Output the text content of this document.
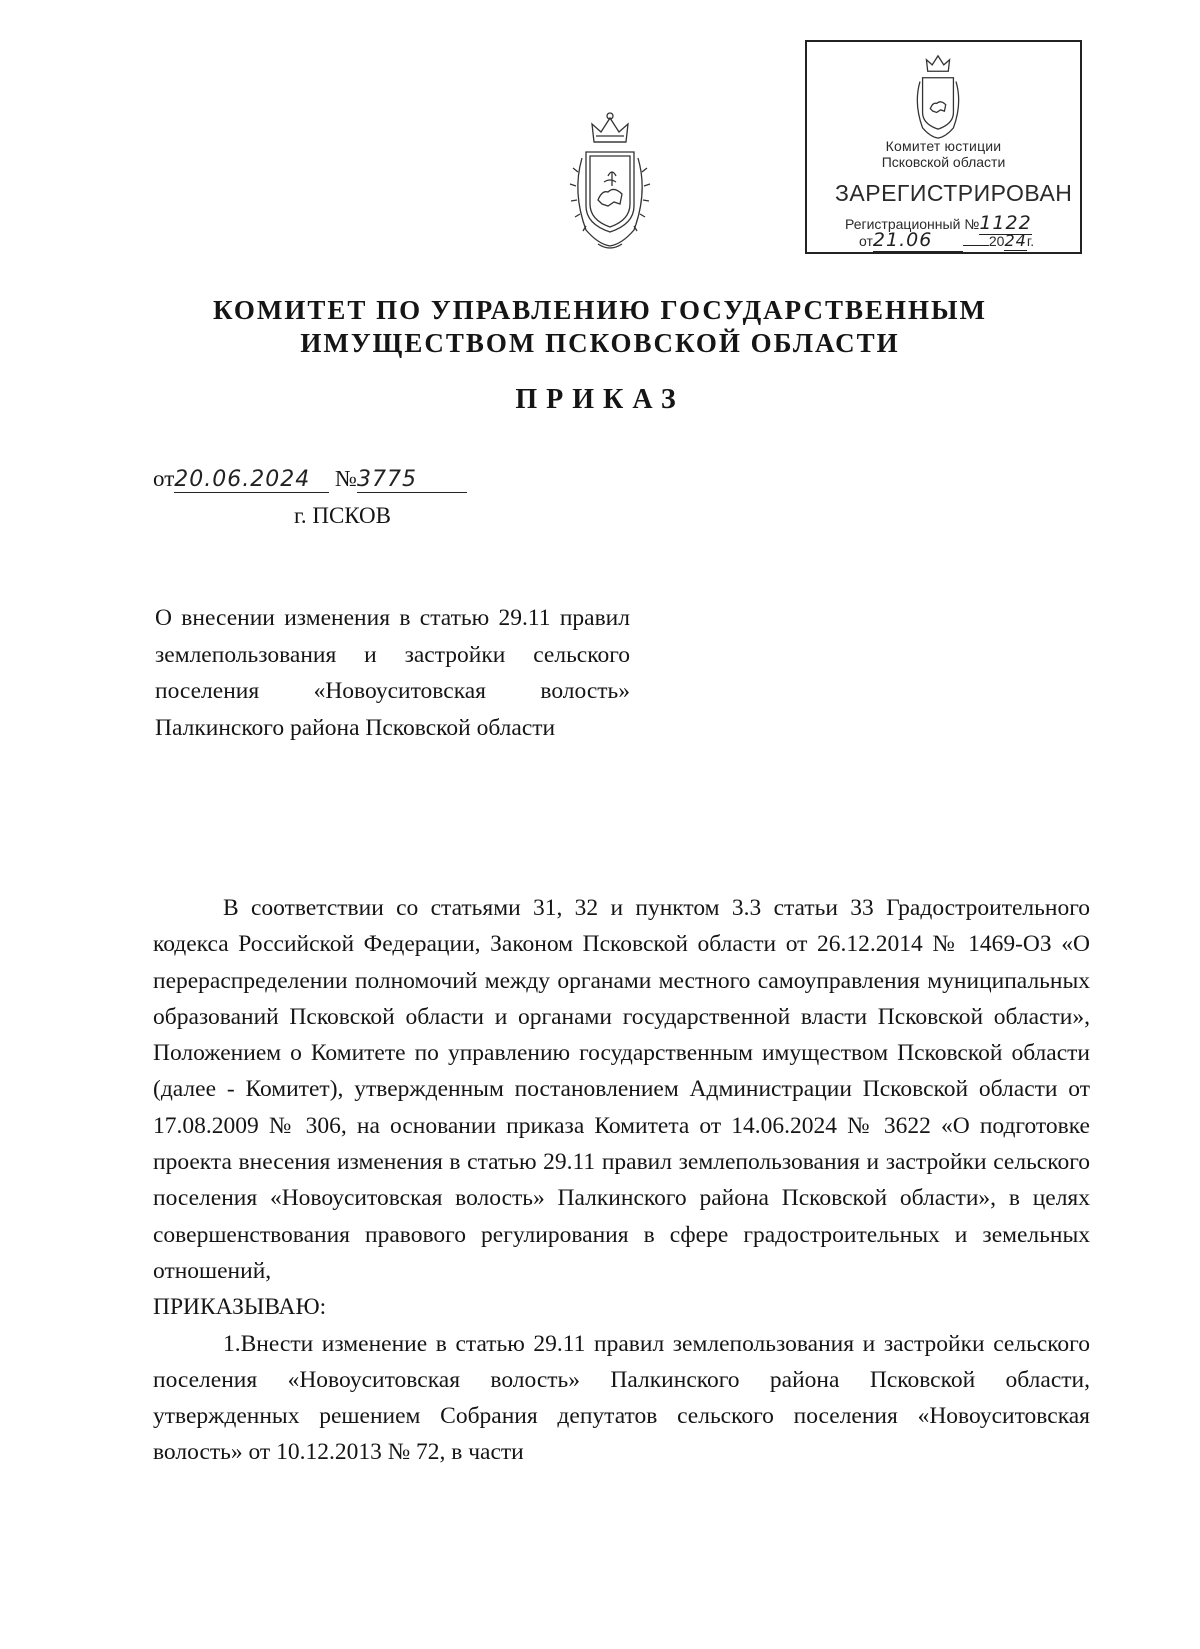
Комитет юстиции
Псковской области
ЗАРЕГИСТРИРОВАН
Регистрационный №1122
от21.06	2024г.
КОМИТЕТ ПО УПРАВЛЕНИЮ ГОСУДАРСТВЕННЫМ ИМУЩЕСТВОМ ПСКОВСКОЙ ОБЛАСТИ
ПРИКАЗ
от20.06.2024 №3775
г. ПСКОВ
О внесении изменения в статью 29.11 правил землепользования и застройки сельского поселения «Новоуситовская волость» Палкинского района Псковской области

В соответствии со статьями 31, 32 и пунктом 3.3 статьи 33 Градостроительного кодекса Российской Федерации, Законом Псковской области от 26.12.2014 № 1469-ОЗ «О перераспределении полномочий между органами местного самоуправления муниципальных образований Псковской области и органами государственной власти Псковской области», Положением о Комитете по управлению государственным имуществом Псковской области (далее - Комитет), утвержденным постановлением Администрации Псковской области от 17.08.2009 № 306, на основании приказа Комитета от 14.06.2024 № 3622 «О подготовке проекта внесения изменения в статью 29.11 правил землепользования и застройки сельского поселения «Новоуситовская волость» Палкинского района Псковской области», в целях совершенствования правового регулирования в сфере градостроительных и земельных отношений,

ПРИКАЗЫВАЮ:

1.Внести изменение в статью 29.11 правил землепользования и застройки сельского поселения «Новоуситовская волость» Палкинского района Псковской области, утвержденных решением Собрания депутатов сельского поселения «Новоуситовская волость» от 10.12.2013 № 72, в части
